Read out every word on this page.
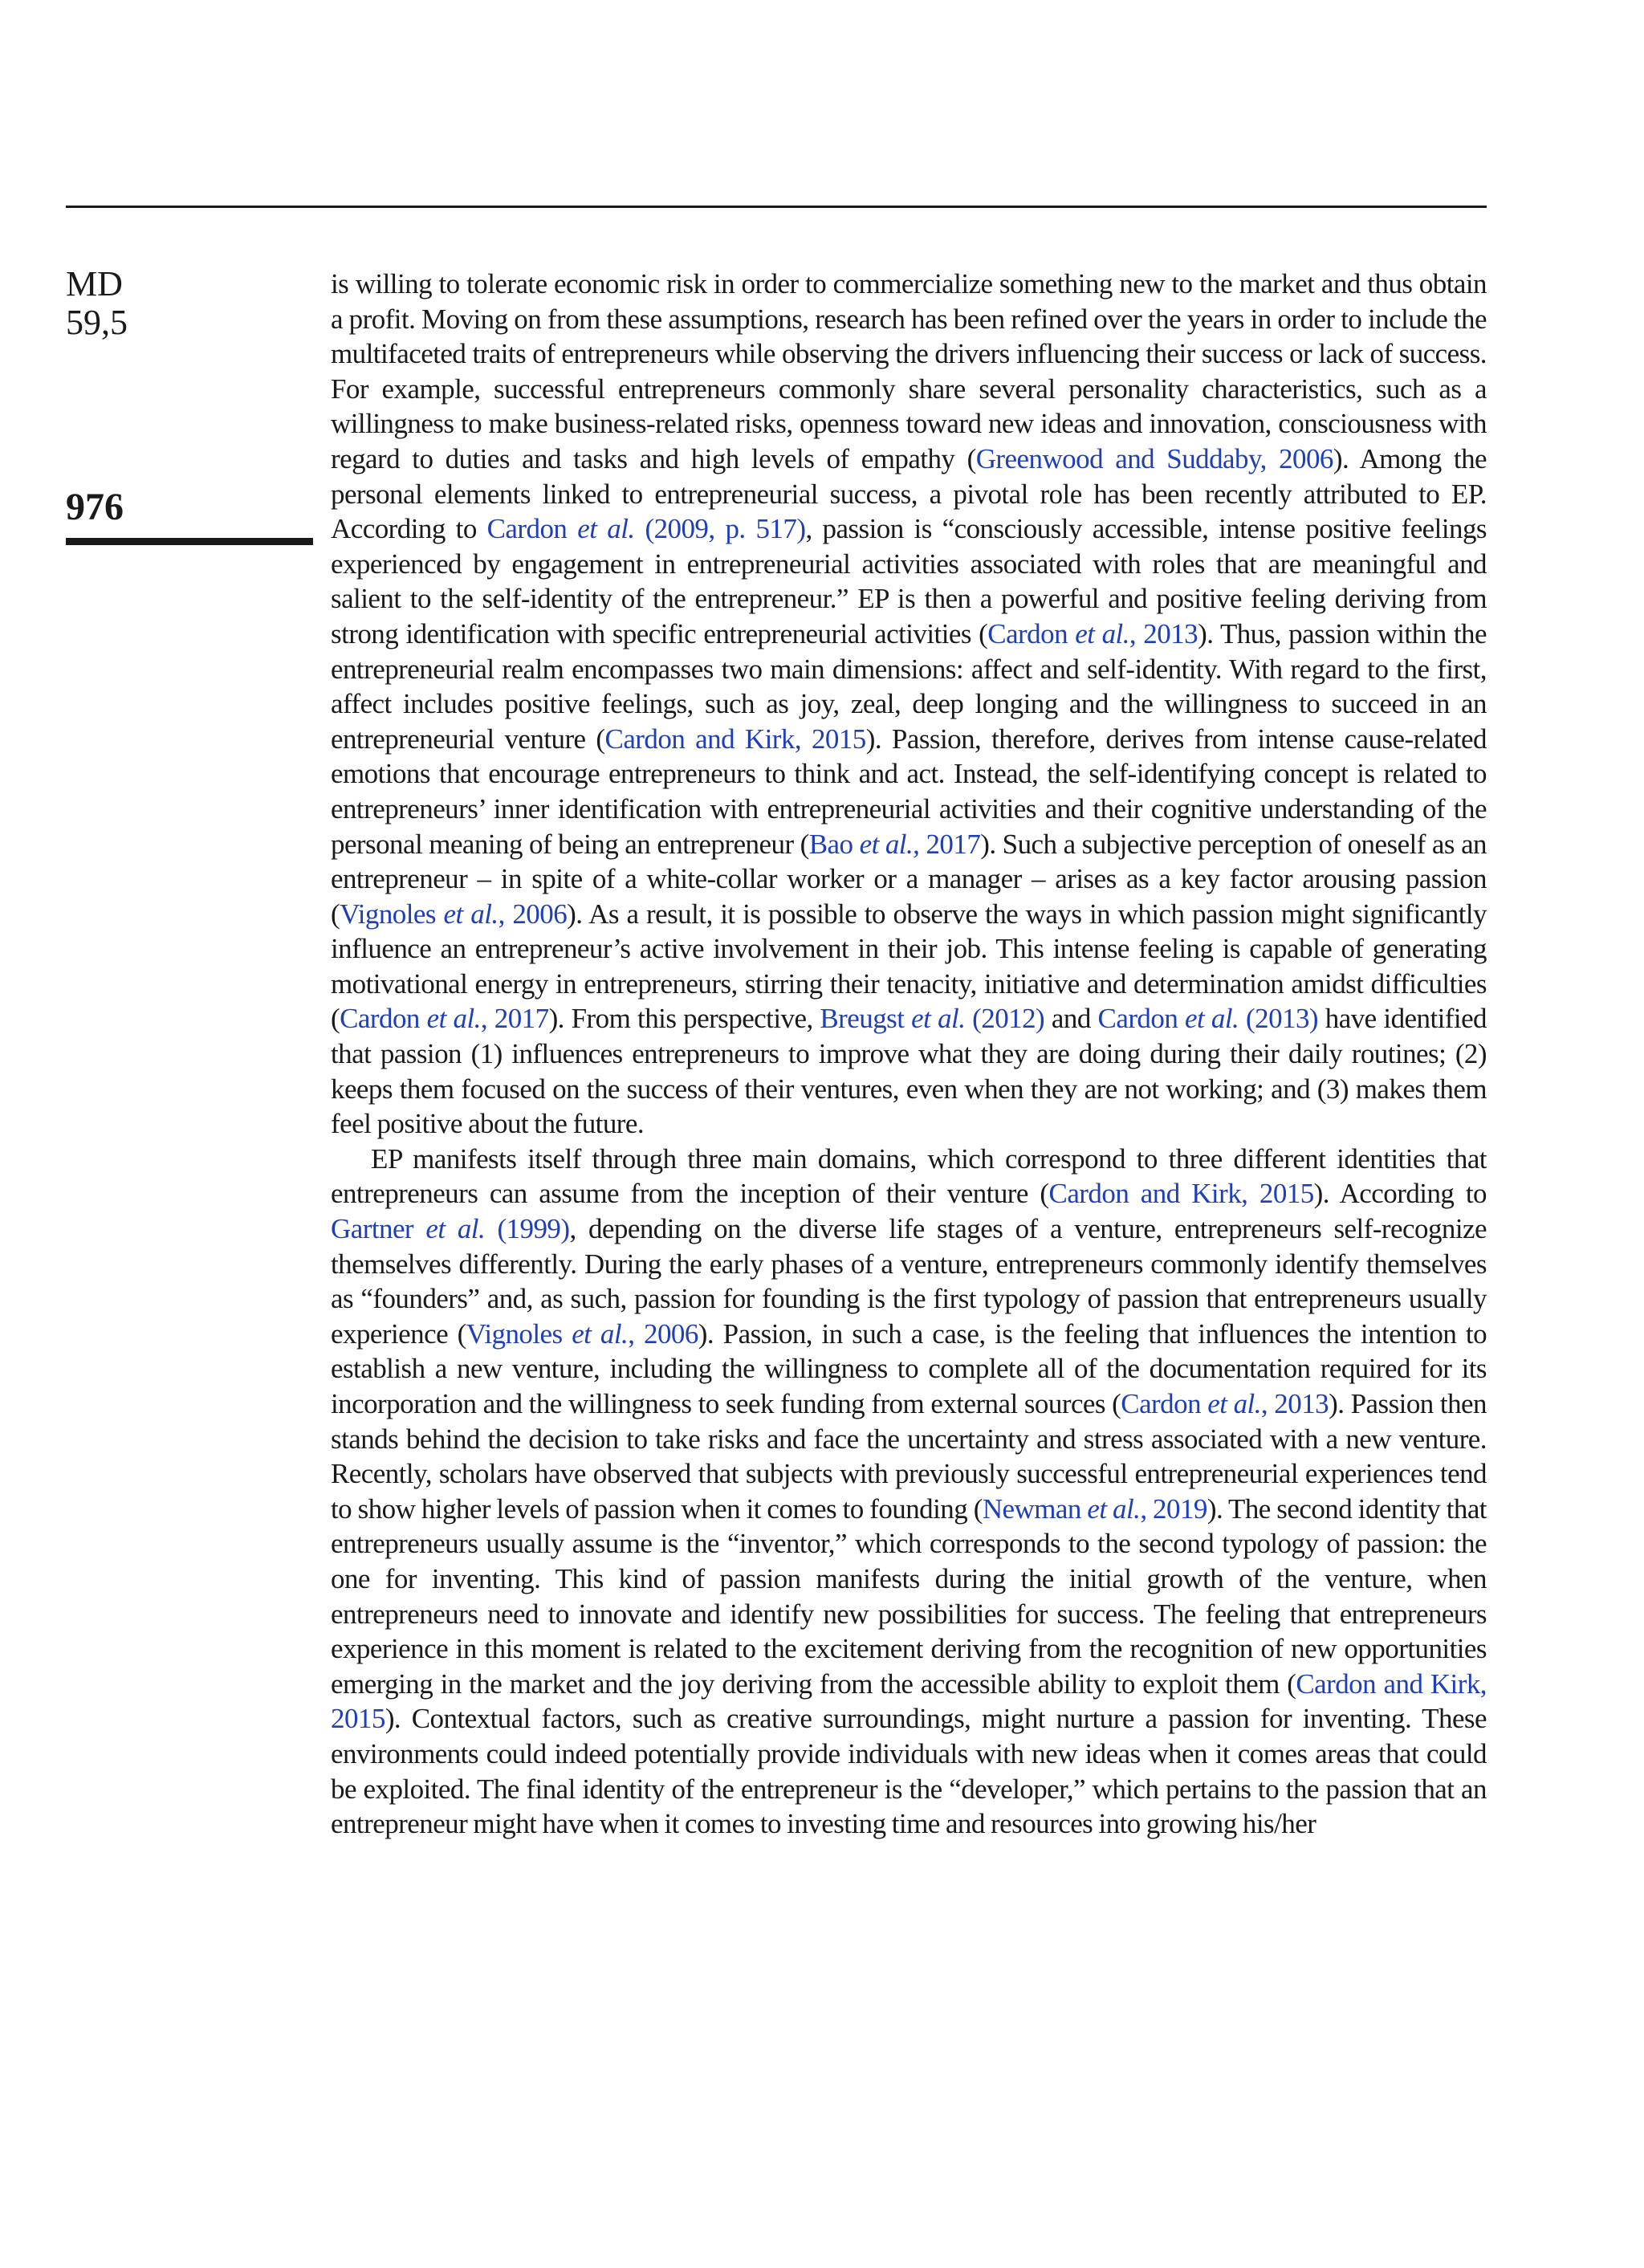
MD

59,5

976

is willing to tolerate economic risk in order to commercialize something new to the market and thus obtain a profit. Moving on from these assumptions, research has been refined over the years in order to include the multifaceted traits of entrepreneurs while observing the drivers influencing their success or lack of success. For example, successful entrepreneurs commonly share several personality characteristics, such as a willingness to make business-related risks, openness toward new ideas and innovation, consciousness with regard to duties and tasks and high levels of empathy (Greenwood and Suddaby, 2006). Among the personal elements linked to entrepreneurial success, a pivotal role has been recently attributed to EP. According to Cardon et al. (2009, p. 517), passion is “consciously accessible, intense positive feelings experienced by engagement in entrepreneurial activities associated with roles that are meaningful and salient to the self-identity of the entrepreneur.” EP is then a powerful and positive feeling deriving from strong identification with specific entrepreneurial activities (Cardon et al., 2013). Thus, passion within the entrepreneurial realm encompasses two main dimensions: affect and self-identity. With regard to the first, affect includes positive feelings, such as joy, zeal, deep longing and the willingness to succeed in an entrepreneurial venture (Cardon and Kirk, 2015). Passion, therefore, derives from intense cause-related emotions that encourage entrepreneurs to think and act. Instead, the self-identifying concept is related to entrepreneurs’ inner identification with entrepreneurial activities and their cognitive understanding of the personal meaning of being an entrepreneur (Bao et al., 2017). Such a subjective perception of oneself as an entrepreneur – in spite of a white-collar worker or a manager – arises as a key factor arousing passion (Vignoles et al., 2006). As a result, it is possible to observe the ways in which passion might significantly influence an entrepreneur’s active involvement in their job. This intense feeling is capable of generating motivational energy in entrepreneurs, stirring their tenacity, initiative and determination amidst difficulties (Cardon et al., 2017). From this perspective, Breugst et al. (2012) and Cardon et al. (2013) have identified that passion (1) influences entrepreneurs to improve what they are doing during their daily routines; (2) keeps them focused on the success of their ventures, even when they are not working; and (3) makes them feel positive about the future.

EP manifests itself through three main domains, which correspond to three different identities that entrepreneurs can assume from the inception of their venture (Cardon and Kirk, 2015). According to Gartner et al. (1999), depending on the diverse life stages of a venture, entrepreneurs self-recognize themselves differently. During the early phases of a venture, entrepreneurs commonly identify themselves as “founders” and, as such, passion for founding is the first typology of passion that entrepreneurs usually experience (Vignoles et al., 2006). Passion, in such a case, is the feeling that influences the intention to establish a new venture, including the willingness to complete all of the documentation required for its incorporation and the willingness to seek funding from external sources (Cardon et al., 2013). Passion then stands behind the decision to take risks and face the uncertainty and stress associated with a new venture. Recently, scholars have observed that subjects with previously successful entrepreneurial experiences tend to show higher levels of passion when it comes to founding (Newman et al., 2019). The second identity that entrepreneurs usually assume is the “inventor,” which corresponds to the second typology of passion: the one for inventing. This kind of passion manifests during the initial growth of the venture, when entrepreneurs need to innovate and identify new possibilities for success. The feeling that entrepreneurs experience in this moment is related to the excitement deriving from the recognition of new opportunities emerging in the market and the joy deriving from the accessible ability to exploit them (Cardon and Kirk, 2015). Contextual factors, such as creative surroundings, might nurture a passion for inventing. These environments could indeed potentially provide individuals with new ideas when it comes areas that could be exploited. The final identity of the entrepreneur is the “developer,” which pertains to the passion that an entrepreneur might have when it comes to investing time and resources into growing his/her
